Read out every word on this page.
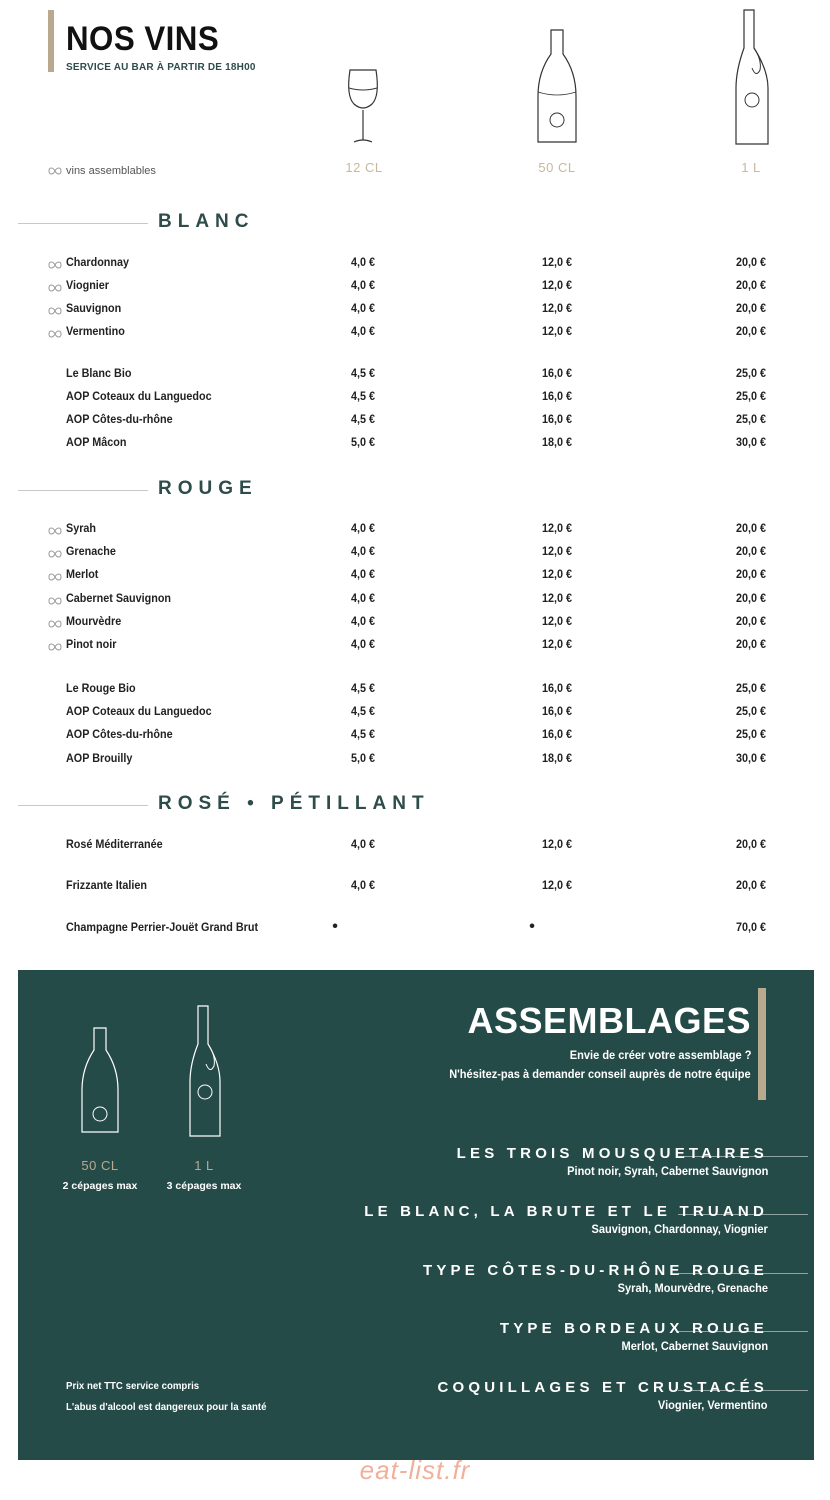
NOS VINS
SERVICE AU BAR À PARTIR DE 18H00
12 CL	50 CL	1 L
vins assemblables
BLANC
ROUGE
ROSÉ • PÉTILLANT
Chardonnay	4,0 €	12,0 €	20,0 €
Viognier	4,0 €	12,0 €	20,0 €
Sauvignon	4,0 €	12,0 €	20,0 €
Vermentino	4,0 €	12,0 €	20,0 €
Le Blanc Bio	4,5 €	16,0 €	25,0 €
AOP Coteaux du Languedoc	4,5 €	16,0 €	25,0 €
AOP Côtes-du-rhône	4,5 €	16,0 €	25,0 €
AOP Mâcon	5,0 €	18,0 €	30,0 €
Syrah	4,0 €	12,0 €	20,0 €
Grenache	4,0 €	12,0 €	20,0 €
Merlot	4,0 €	12,0 €	20,0 €
Cabernet Sauvignon	4,0 €	12,0 €	20,0 €
Mourvèdre	4,0 €	12,0 €	20,0 €
Pinot noir	4,0 €	12,0 €	20,0 €
Le Rouge Bio	4,5 €	16,0 €	25,0 €
AOP Coteaux du Languedoc	4,5 €	16,0 €	25,0 €
AOP Côtes-du-rhône	4,5 €	16,0 €	25,0 €
AOP Brouilly	5,0 €	18,0 €	30,0 €
Rosé Méditerranée	4,0 €	12,0 €	20,0 €
Frizzante Italien	4,0 €	12,0 €	20,0 €
Champagne Perrier-Jouët Grand Brut	•	•	70,0 €
ASSEMBLAGES
Envie de créer votre assemblage ?
N'hésitez-pas à demander conseil auprès de notre équipe
50 CL	1 L
2 cépages max	3 cépages max
LES TROIS MOUSQUETAIRES
Pinot noir, Syrah, Cabernet Sauvignon
LE BLANC, LA BRUTE ET LE TRUAND
Sauvignon, Chardonnay, Viognier
TYPE CÔTES-DU-RHÔNE ROUGE
Syrah, Mourvèdre, Grenache
TYPE BORDEAUX ROUGE
Merlot, Cabernet Sauvignon
COQUILLAGES ET CRUSTACÉS
Viognier, Vermentino
Prix net TTC service compris
L'abus d'alcool est dangereux pour la santé
eat-list.fr
